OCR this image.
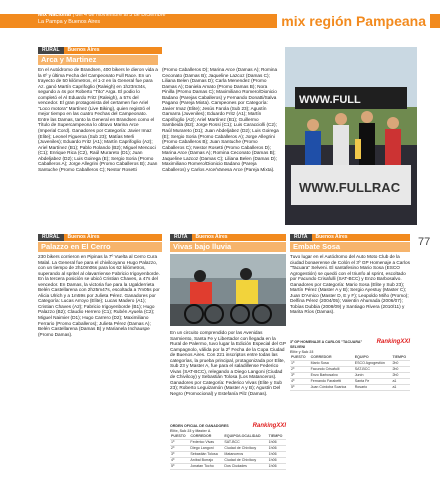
Mix Nacional | del 4 de Noviembre al 3 de Diciembre
La Pampa y Buenos Aires	mix región Pampeana
RURAL Buenos Aires
Arca y Martinez
En el Autódromo de Brandsen, 400 bikers le dieron vida a la 6º y última Fecha del Campeonato Full Race. En un trayecto de 50 kilómetros, el 1-2 en la General fue para Az. ganó Martín Caprifoglio (Raleigh) en 1h23m34s, segundo a 4s por Roberto "Tito" Arga. El podio lo completó el Al Eduardo Fritz (Raleigh), a 57s del vencedor. El gran protagonista del certamen fue Ariel "Loco motora" Martínez (Live Biking), quien registró el mejor tiempo en las cuatro Fechas del Campeonato. Entre las Damas, tanto la General en Brandsen como el Título de Supercampeona lo obtuvo Marina Arce (Imperial Cord). Ganadores por Categoría: Javier Imaz (Elite); Leonel Figueroa (Sub 23); Matías Merli (Juveniles); Eduardo Fritz (A1); Martín Caprifoglio (A2); Ariel Martínez (B1); Pablo Rolando (B2); Miguel Mencoci (C1); Enrique Rica (C2), Raúl Murareto (D1); Juan Abdeljabez (D2); Luis Goirega (E); Sergio Soria (Promo Caballeros A); Jorge Allegrini (Promo Caballeros B); Juan Santuche (Promo Caballeros C); Nestor Rosetti
(Promo Caballeros D); Marina Arce (Damas A); Romina Ceconato (Damas B); Jaqueline Lazcoz (Damas C); Liliana Belen (Damas D); Carla Menendez (Promo Damas A); Daniela Amato (Promo Damas B); Nora Pinilla (Promo Damas C); Maximiliano Romero/Dionicio Badano (Parejas Caballeros) y Fernando Donatti/Salva Pagano (Pareja Mixta). Campeones por Categoría: Javier Imaz (Elite); Jesús Farola (Sub 23); Agustín Gamarra (Juveniles); Eduardo Fritz (A1); Martín Caprifoglio (A2); Ariel Martínez (B1); Guillermo Sambeida (B2); Jorge Rossi (C1); Luis Caracciolli (C2); Raúl Murareto (D1); Juan Abdeljabez (D2); Luis Goirega (E); Sergio Soria (Promo Caballeros A); Jorge Allegrini (Promo Caballeros B); Juan Santuche (Promo Caballeros C); Nestor Rosetti (Promo Caballeros D); Marina Arce (Damas A); Romina Ceconato (Damas B); Jaqueline Lazcoz (Damas C); Liliana Belen (Damas D); Maximiliano Romero/Dionicio Badano (Pareja Caballeros) y Carlos Arce/Vanesa Arce (Pareja Mixta).
WWW.FULL
WWW.FULLRAC
RURAL Buenos Aires
Palazzo en El Cerro
230 bikers corrieron en Pipinas la 7º Vuelta al Cerro Cura Malal. La General fue para el chivilcoyano Hugo Palazzo, con un tiempo de 2h10m06s para los 62 kilómetros, superando al spritel al olavarriense Fabricio Irigoyenborde. En la tercera posición se ubicó Cristian Chaves, a 47s del vencedor. En Damas, la victoria fue para la Ugalderrieta Belén Castellarena con 2h25m47s, escoltada a 7m05s por Alicia Ulrich y a 1m59s por Julieta Pérez. Ganadores por Categoría: Lucas Arroyo (Elite); Lucas Madero (A1); Cristian Chaves (A2); Fabricio Irigoyenborde (B1); Hugo Palazzo (B2); Claudio Herrero (C1); Rubén Ayuela (C2); Miguel Naimier (D1); Hugo Carrero (D2); Maximiliano Ferrario (Promo Caballeros); Julieta Pérez (Damas A); Belén Castellarena (Damas B) y Marianela Inchauspe (Promo Damas).
RUTA Buenos Aires
Vivas bajo lluvia
En un circuito comprendido por las Avenidas Sarmiento, Santa Fe y Libertador con llegada en la Rural de Palermo, tuvo lugar la Edición Especial del GP Campagnolo, válida por la 2º Fecha de la Copa Ciudad de Buenos Aires. Con 221 inscriptos entre todas las categorías, la prueba principal, protagonizada por Elite, Sub 23 y Master A, fue para el saladillense Federico Vivas (SAT-BCC), relegando a Diego Langoni (Ciudad de Chivilcoy) y Sebastián Tolosa (Los Matanceros). Ganadores por Categoría: Federico Vivas (Elite y Sub 23); Roberto Leguizamón (Master A y B); Agustín Del Negro (Promocional) y Estefanía Pilz (Damas).
ORDEN OFICIAL DE GANADORES
Elite, Sub 23 y Master A
RankingXXI
PUESTO	CORREDOR	EQUIPO/LOCALIDAD	TIEMPO
1º	Federico Vivas	SAT-BCC	1h06
2º	Diego Langoni	Ciudad de Chivilcoy	1h06
3º	Sebastián Tolosa	Matanceros	1h06
4º	Aníbal Borrajo	Ciudad de Chivilcoy	1h06
5º	Jonatan Tocho	Dos Ciudades	1h06
RUTA Buenos Aires
Embate Sosa
Tuvo lugar en el Autódromo del Auto Moto Club de la ciudad bonaerense de Colón el 3º GP Homenaje a Carlos "Tacuara" Selveni. El santafesino Mario Sosa (ESCO Agrogestión) se quedó con el triunfo al sprint, escoltado por Facundo Crisafulli (SAT-BCC) y Enzo Barbosalvo. Ganadores por Categoría: Mario Sosa (Elite y Sub 23); Martín Pérez (Master A y B); Sergio Ayestuy (Master C); Juan D'Amico (Master D, E y F); Leopoldo Miño (Promo); Delfina Pérez (2004/05); Valentín Ahumada (2006/07); Tobías Dubbia (2008/09) y Santiago Rivera (2010/11) y Marita Ríos (Damas).
3º GP HOMENAJE A CARLOS "TACUARA" SELVENI
Elite y Sub 23
RankingXXI
PUESTO	CORREDOR	EQUIPO	TIEMPO
1º	Mario Sosa	ESCO Agrogestión	2h0
2º	Facundo Crisafulli	SAT-BCC	2h0
3º	Enzo Barbosalvo	Junín	2h0
4º	Fernando Farabetti	Santa Fe	a1
5º	Juan Córdoba Scarica	Rosario	a1
77
